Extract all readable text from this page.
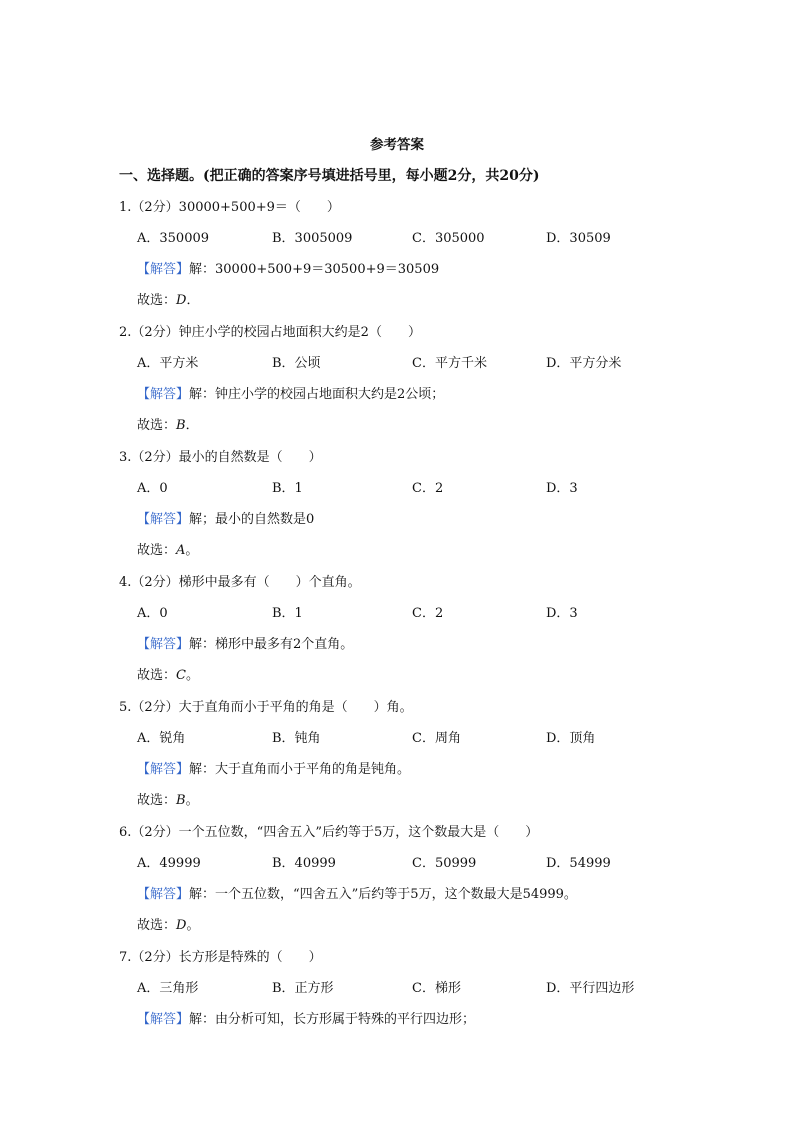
参考答案
一、选择题。(把正确的答案序号填进括号里，每小题2分，共20分)
1.（2分）30000+500+9＝（　　）
A．350009	B．3005009	C．305000	D．30509
【解答】解：30000+500+9＝30500+9＝30509
故选：D．
2.（2分）钟庄小学的校园占地面积大约是2（　　）
A．平方米	B．公顷	C．平方千米	D．平方分米
【解答】解：钟庄小学的校园占地面积大约是2公顷；
故选：B．
3.（2分）最小的自然数是（　　）
A．0	B．1	C．2	D．3
【解答】解；最小的自然数是0
故选：A。
4.（2分）梯形中最多有（　　）个直角。
A．0	B．1	C．2	D．3
【解答】解：梯形中最多有2个直角。
故选：C。
5.（2分）大于直角而小于平角的角是（　　）角。
A．锐角	B．钝角	C．周角	D．顶角
【解答】解：大于直角而小于平角的角是钝角。
故选：B。
6.（2分）一个五位数，“四舍五入”后约等于5万，这个数最大是（　　）
A．49999	B．40999	C．50999	D．54999
【解答】解：一个五位数，“四舍五入”后约等于5万，这个数最大是54999。
故选：D。
7.（2分）长方形是特殊的（　　）
A．三角形	B．正方形	C．梯形	D．平行四边形
【解答】解：由分析可知，长方形属于特殊的平行四边形；
